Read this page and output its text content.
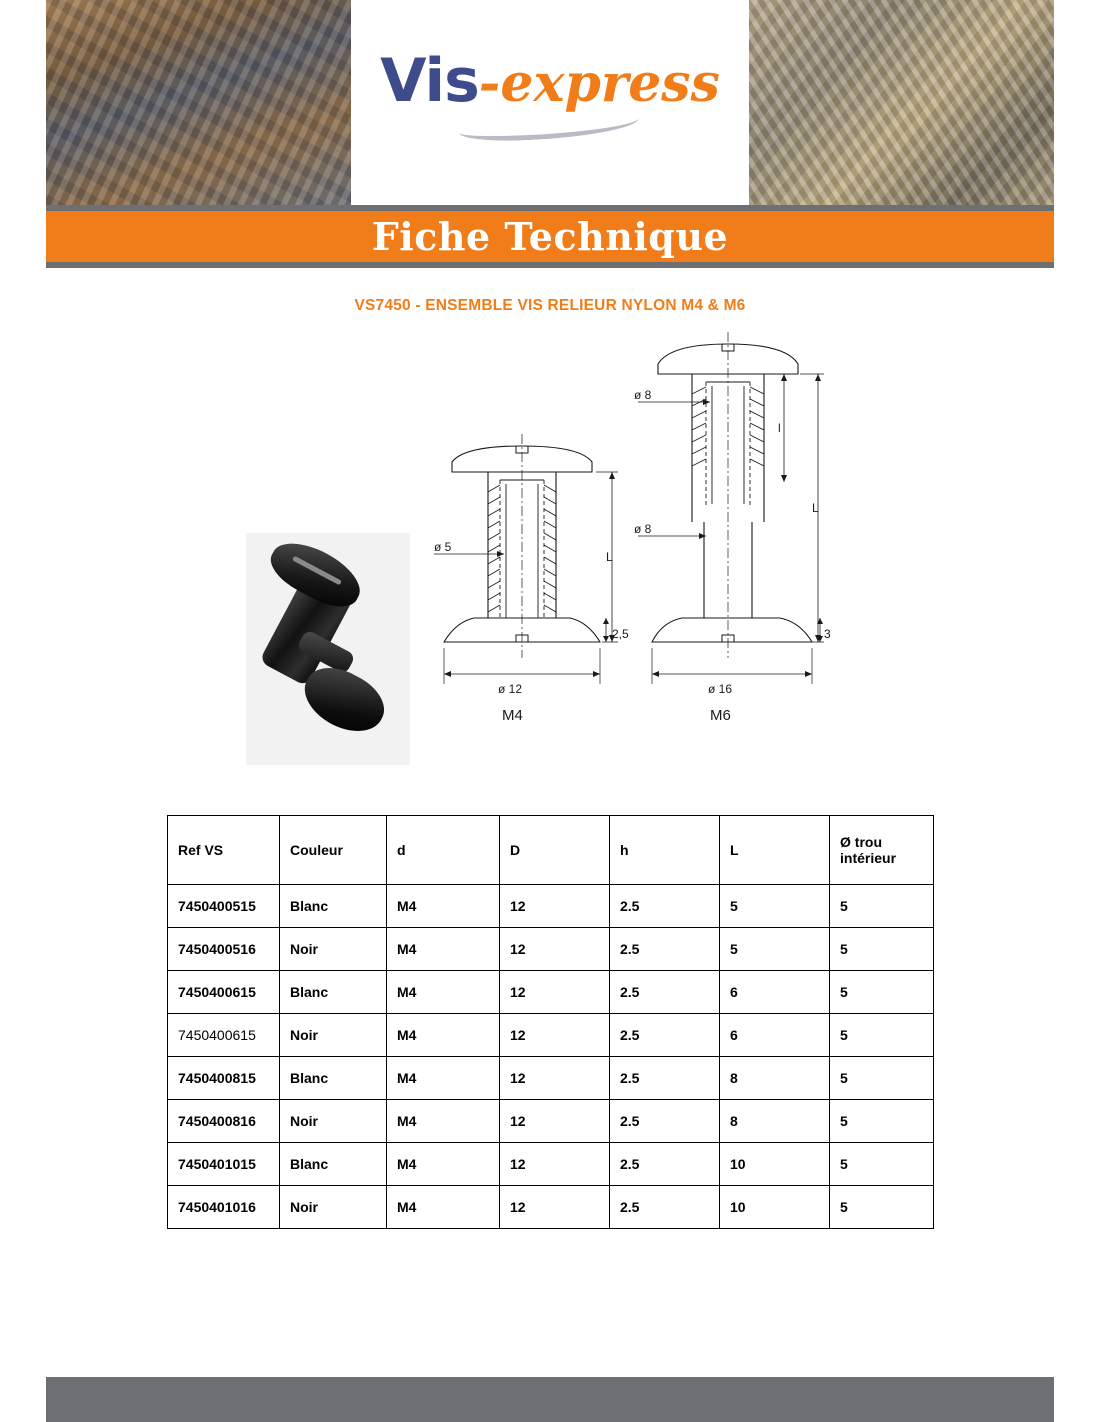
Vis-express
Fiche Technique
VS7450 - ENSEMBLE VIS RELIEUR NYLON M4 & M6
ø 5
L
2,5
ø 12
ø 8
ø 8
l
L
3
ø 16
M4	M6
Ref VS	Couleur	d	D	h	L	Ø trou
intérieur

7450400515	Blanc	M4	12	2.5	5	5
7450400516	Noir	M4	12	2.5	5	5
7450400615	Blanc	M4	12	2.5	6	5
7450400615	Noir	M4	12	2.5	6	5
7450400815	Blanc	M4	12	2.5	8	5
7450400816	Noir	M4	12	2.5	8	5
7450401015	Blanc	M4	12	2.5	10	5
7450401016	Noir	M4	12	2.5	10	5
